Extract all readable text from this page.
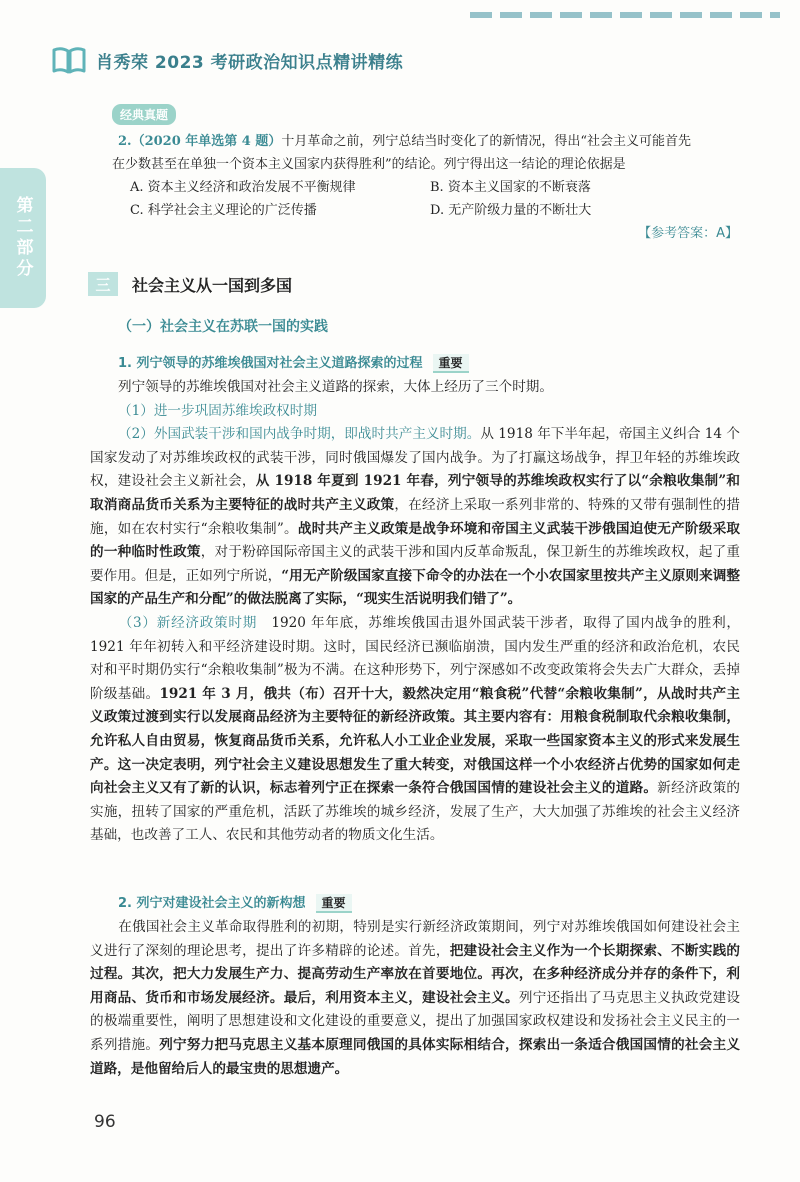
肖秀荣 2023 考研政治知识点精讲精练
第二部分
经典真题
2.（2020 年单选第 4 题）十月革命之前，列宁总结当时变化了的新情况，得出“社会主义可能首先
在少数甚至在单独一个资本主义国家内获得胜利”的结论。列宁得出这一结论的理论依据是
A. 资本主义经济和政治发展不平衡规律	B. 资本主义国家的不断衰落
C. 科学社会主义理论的广泛传播	D. 无产阶级力量的不断壮大
【参考答案：A】
三	社会主义从一国到多国
（一）社会主义在苏联一国的实践
1. 列宁领导的苏维埃俄国对社会主义道路探索的过程 重要
列宁领导的苏维埃俄国对社会主义道路的探索，大体上经历了三个时期。
（1）进一步巩固苏维埃政权时期
（2）外国武装干涉和国内战争时期，即战时共产主义时期。从 1918 年下半年起，帝国主义纠合 14 个国家发动了对苏维埃政权的武装干涉，同时俄国爆发了国内战争。为了打赢这场战争，捍卫年轻的苏维埃政权，建设社会主义新社会，从 1918 年夏到 1921 年春，列宁领导的苏维埃政权实行了以“余粮收集制”和取消商品货币关系为主要特征的战时共产主义政策，在经济上采取一系列非常的、特殊的又带有强制性的措施，如在农村实行“余粮收集制”。战时共产主义政策是战争环境和帝国主义武装干涉俄国迫使无产阶级采取的一种临时性政策，对于粉碎国际帝国主义的武装干涉和国内反革命叛乱，保卫新生的苏维埃政权，起了重要作用。但是，正如列宁所说，“用无产阶级国家直接下命令的办法在一个小农国家里按共产主义原则来调整国家的产品生产和分配”的做法脱离了实际，“现实生活说明我们错了”。
（3）新经济政策时期　1920 年年底，苏维埃俄国击退外国武装干涉者，取得了国内战争的胜利，1921 年年初转入和平经济建设时期。这时，国民经济已濒临崩溃，国内发生严重的经济和政治危机，农民对和平时期仍实行“余粮收集制”极为不满。在这种形势下，列宁深感如不改变政策将会失去广大群众，丢掉阶级基础。1921 年 3 月，俄共（布）召开十大，毅然决定用“粮食税”代替“余粮收集制”，从战时共产主义政策过渡到实行以发展商品经济为主要特征的新经济政策。其主要内容有：用粮食税制取代余粮收集制，允许私人自由贸易，恢复商品货币关系，允许私人小工业企业发展，采取一些国家资本主义的形式来发展生产。这一决定表明，列宁社会主义建设思想发生了重大转变，对俄国这样一个小农经济占优势的国家如何走向社会主义又有了新的认识，标志着列宁正在探索一条符合俄国国情的建设社会主义的道路。新经济政策的实施，扭转了国家的严重危机，活跃了苏维埃的城乡经济，发展了生产，大大加强了苏维埃的社会主义经济基础，也改善了工人、农民和其他劳动者的物质文化生活。
2. 列宁对建设社会主义的新构想 重要
在俄国社会主义革命取得胜利的初期，特别是实行新经济政策期间，列宁对苏维埃俄国如何建设社会主义进行了深刻的理论思考，提出了许多精辟的论述。首先，把建设社会主义作为一个长期探索、不断实践的过程。其次，把大力发展生产力、提高劳动生产率放在首要地位。再次，在多种经济成分并存的条件下，利用商品、货币和市场发展经济。最后，利用资本主义，建设社会主义。列宁还指出了马克思主义执政党建设的极端重要性，阐明了思想建设和文化建设的重要意义，提出了加强国家政权建设和发扬社会主义民主的一系列措施。列宁努力把马克思主义基本原理同俄国的具体实际相结合，探索出一条适合俄国国情的社会主义道路，是他留给后人的最宝贵的思想遗产。
96
